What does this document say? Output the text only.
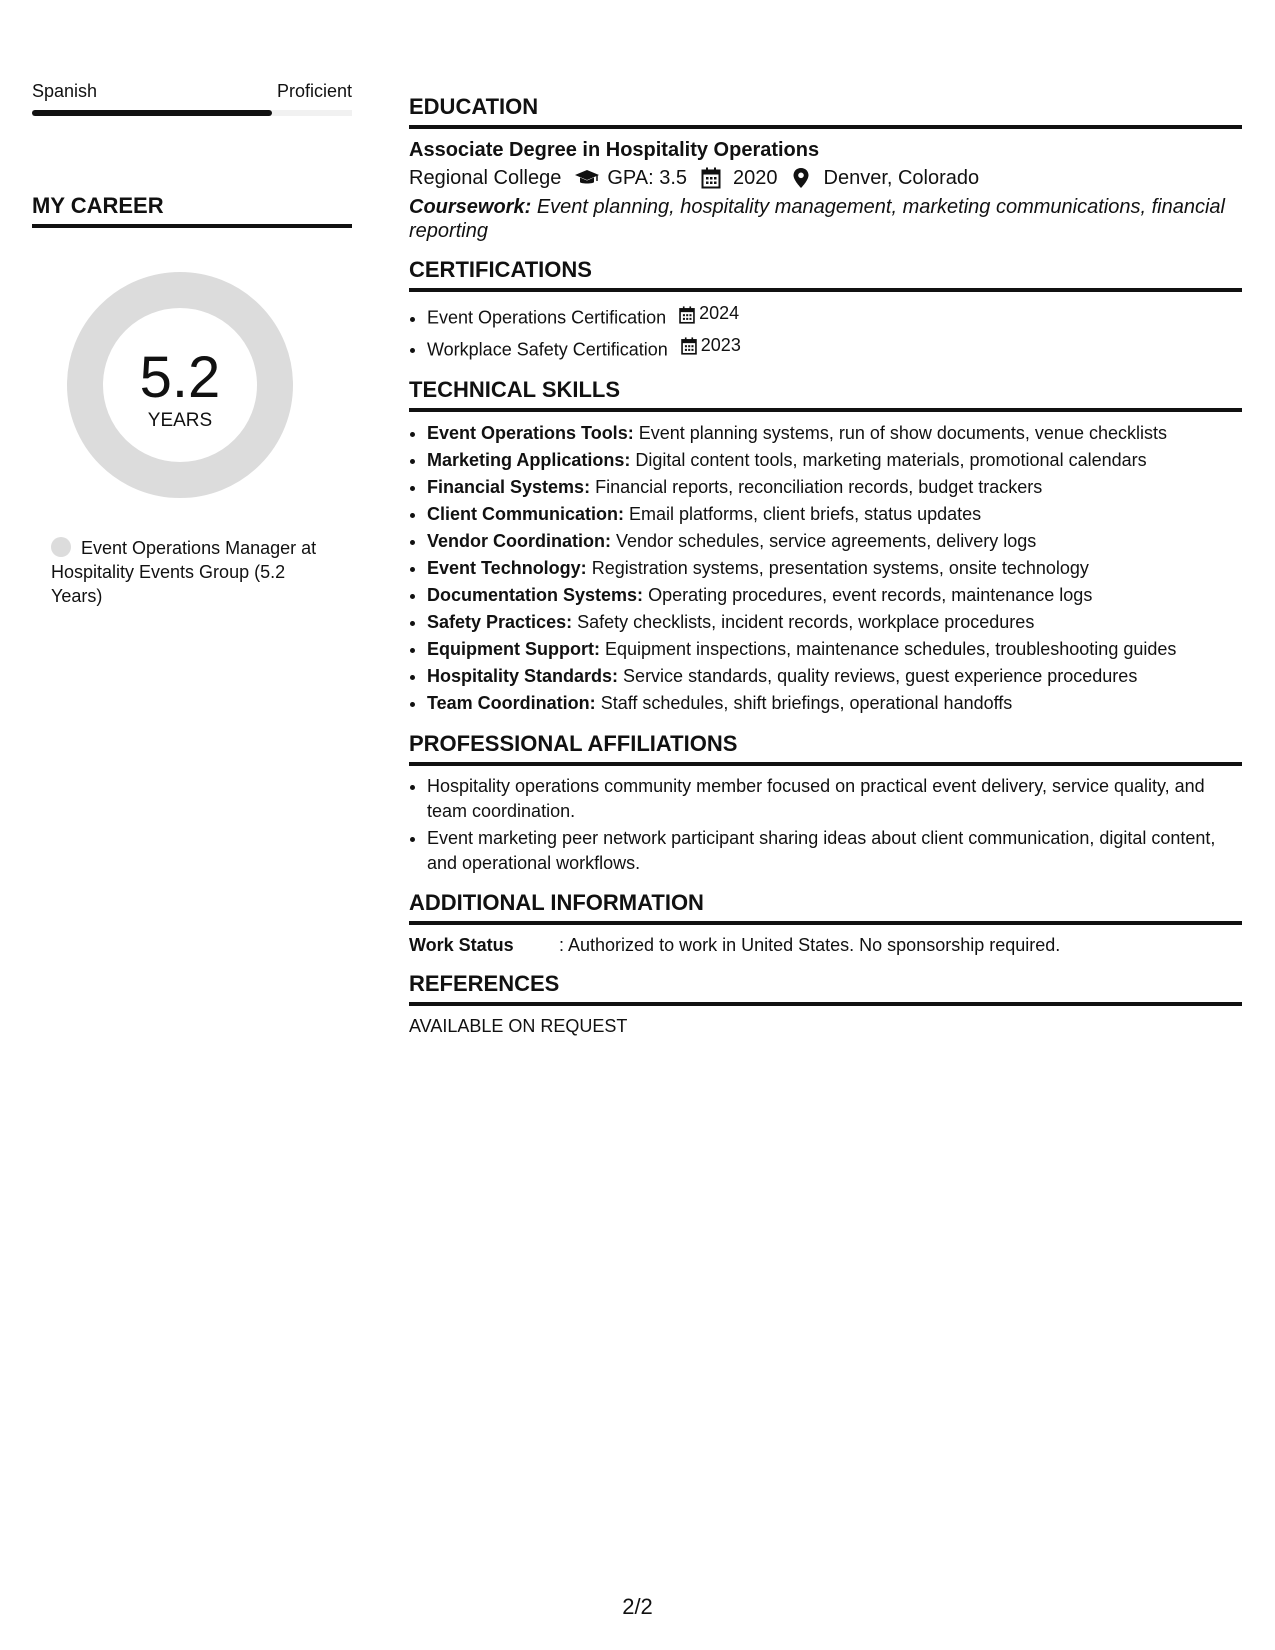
Spanish	Proficient
MY CAREER
5.2
YEARS
Event Operations Manager at Hospitality Events Group (5.2 Years)
EDUCATION
Associate Degree in Hospitality Operations
Regional College GPA: 3.5 2020 Denver, Colorado
Coursework: Event planning, hospitality management, marketing communications, financial reporting
CERTIFICATIONS
• Event Operations Certification 2024
• Workplace Safety Certification 2023
TECHNICAL SKILLS
• Event Operations Tools: Event planning systems, run of show documents, venue checklists
• Marketing Applications: Digital content tools, marketing materials, promotional calendars
• Financial Systems: Financial reports, reconciliation records, budget trackers
• Client Communication: Email platforms, client briefs, status updates
• Vendor Coordination: Vendor schedules, service agreements, delivery logs
• Event Technology: Registration systems, presentation systems, onsite technology
• Documentation Systems: Operating procedures, event records, maintenance logs
• Safety Practices: Safety checklists, incident records, workplace procedures
• Equipment Support: Equipment inspections, maintenance schedules, troubleshooting guides
• Hospitality Standards: Service standards, quality reviews, guest experience procedures
• Team Coordination: Staff schedules, shift briefings, operational handoffs
PROFESSIONAL AFFILIATIONS
• Hospitality operations community member focused on practical event delivery, service quality, and team coordination.
• Event marketing peer network participant sharing ideas about client communication, digital content, and operational workflows.
ADDITIONAL INFORMATION
Work Status	: Authorized to work in United States. No sponsorship required.
REFERENCES
AVAILABLE ON REQUEST
2/2
